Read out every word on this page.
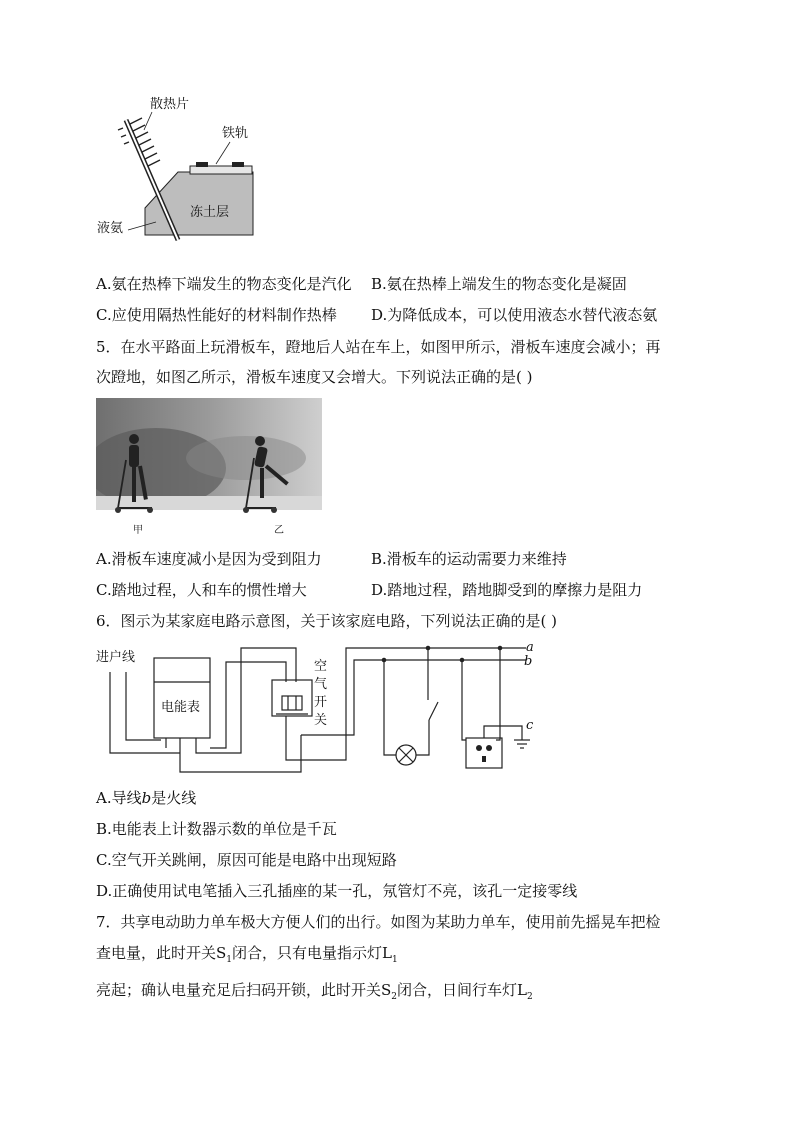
散热片
铁轨
冻土层
液氨
A.氨在热棒下端发生的物态变化是汽化 B.氨在热棒上端发生的物态变化是凝固
C.应使用隔热性能好的材料制作热棒 D.为降低成本，可以使用液态水替代液态氨
5．在水平路面上玩滑板车，蹬地后人站在车上，如图甲所示，滑板车速度会减小；再
次蹬地，如图乙所示，滑板车速度又会增大。下列说法正确的是( )
甲	乙
A.滑板车速度减小是因为受到阻力	B.滑板车的运动需要力来维持
C.踏地过程，人和车的惯性增大	D.踏地过程，踏地脚受到的摩擦力是阻力
6．图示为某家庭电路示意图，关于该家庭电路，下列说法正确的是( )
进户线
电能表
空
气
开
关
a
b
c
A.导线b是火线
B.电能表上计数器示数的单位是千瓦
C.空气开关跳闸，原因可能是电路中出现短路
D.正确使用试电笔插入三孔插座的某一孔，氖管灯不亮，该孔一定接零线
7．共享电动助力单车极大方便人们的出行。如图为某助力单车，使用前先摇晃车把检
查电量，此时开关$S_1$闭合，只有电量指示灯$L_1$
亮起；确认电量充足后扫码开锁，此时开关$S_2$闭合，日间行车灯$L_2$
